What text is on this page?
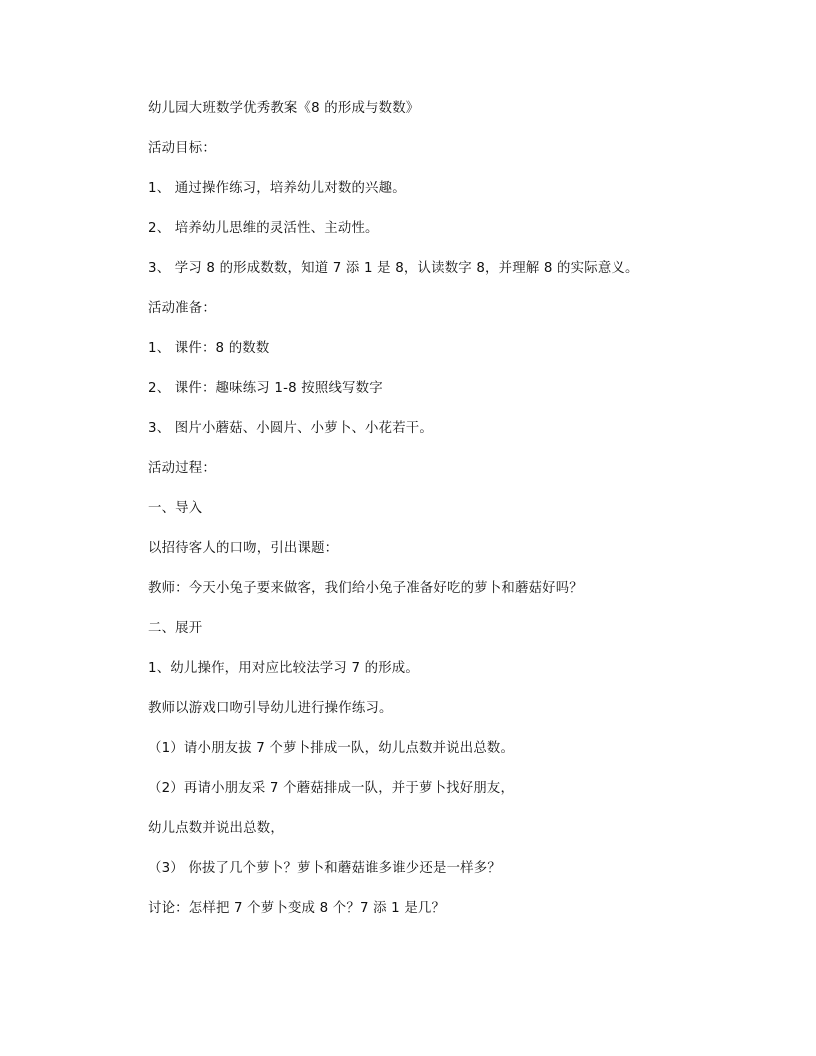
幼儿园大班数学优秀教案《8 的形成与数数》
活动目标：
1、 通过操作练习，培养幼儿对数的兴趣。
2、 培养幼儿思维的灵活性、主动性。
3、 学习 8 的形成数数，知道 7 添 1 是 8，认读数字 8，并理解 8 的实际意义。
活动准备：
1、 课件：8 的数数
2、 课件：趣味练习 1-8 按照线写数字
3、 图片小蘑菇、小圆片、小萝卜、小花若干。
活动过程：
一、导入
以招待客人的口吻，引出课题：
教师：今天小兔子要来做客，我们给小兔子准备好吃的萝卜和蘑菇好吗？
二、展开
1、幼儿操作，用对应比较法学习 7 的形成。
教师以游戏口吻引导幼儿进行操作练习。
（1）请小朋友拔 7 个萝卜排成一队，幼儿点数并说出总数。
（2）再请小朋友采 7 个蘑菇排成一队，并于萝卜找好朋友，
幼儿点数并说出总数，
（3） 你拔了几个萝卜？萝卜和蘑菇谁多谁少还是一样多？
讨论：怎样把 7 个萝卜变成 8 个？7 添 1 是几？
